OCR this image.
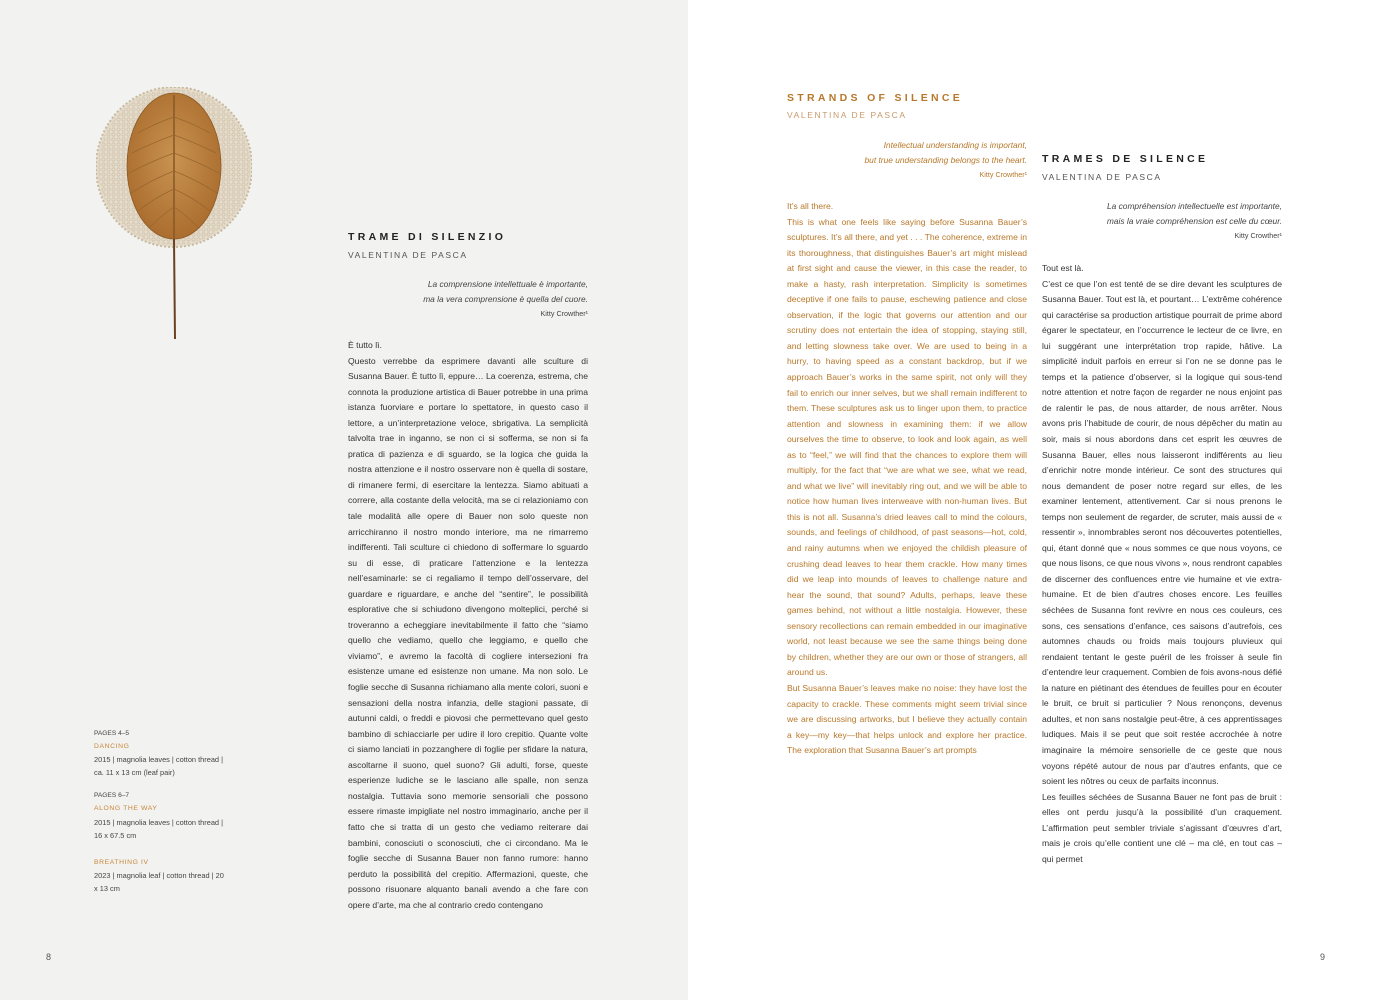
TRAME DI SILENZIO
VALENTINA DE PASCA
La comprensione intellettuale è importante,
ma la vera comprensione è quella del cuore.
Kitty Crowther¹

È tutto lì.

Questo verrebbe da esprimere davanti alle sculture di Susanna Bauer. È tutto lì, eppure… La coerenza, estrema, che connota la produzione artistica di Bauer potrebbe in una prima istanza fuorviare e portare lo spettatore, in questo caso il lettore, a un’interpretazione veloce, sbrigativa. La semplicità talvolta trae in inganno, se non ci si sofferma, se non si fa pratica di pazienza e di sguardo, se la logica che guida la nostra attenzione e il nostro osservare non è quella di sostare, di rimanere fermi, di esercitare la lentezza. Siamo abituati a correre, alla costante della velocità, ma se ci relazioniamo con tale modalità alle opere di Bauer non solo queste non arricchiranno il nostro mondo interiore, ma ne rimarremo indifferenti. Tali sculture ci chiedono di soffermare lo sguardo su di esse, di praticare l’attenzione e la lentezza nell’esaminarle: se ci regaliamo il tempo dell’osservare, del guardare e riguardare, e anche del “sentire”, le possibilità esplorative che si schiudono divengono molteplici, perché si troveranno a echeggiare inevitabilmente il fatto che “siamo quello che vediamo, quello che leggiamo, e quello che viviamo”, e avremo la facoltà di cogliere intersezioni fra esistenze umane ed esistenze non umane. Ma non solo. Le foglie secche di Susanna richiamano alla mente colori, suoni e sensazioni della nostra infanzia, delle stagioni passate, di autunni caldi, o freddi e piovosi che permettevano quel gesto bambino di schiacciarle per udire il loro crepitio. Quante volte ci siamo lanciati in pozzanghere di foglie per sfidare la natura, ascoltarne il suono, quel suono? Gli adulti, forse, queste esperienze ludiche se le lasciano alle spalle, non senza nostalgia. Tuttavia sono memorie sensoriali che possono essere rimaste impigliate nel nostro immaginario, anche per il fatto che si tratta di un gesto che vediamo reiterare dai bambini, conosciuti o sconosciuti, che ci circondano. Ma le foglie secche di Susanna Bauer non fanno rumore: hanno perduto la possibilità del crepitio. Affermazioni, queste, che possono risuonare alquanto banali avendo a che fare con opere d’arte, ma che al contrario credo contengano

PAGES 4–5
DANCING
2015 | magnolia leaves | cotton thread | ca. 11 x 13 cm (leaf pair)
PAGES 6–7
ALONG THE WAY
2015 | magnolia leaves | cotton thread | 16 x 67.5 cm
BREATHING IV
2023 | magnolia leaf | cotton thread | 20 x 13 cm
8
STRANDS OF SILENCE
VALENTINA DE PASCA
Intellectual understanding is important,
but true understanding belongs to the heart.
Kitty Crowther¹

It’s all there.

This is what one feels like saying before Susanna Bauer’s sculptures. It’s all there, and yet . . . The coherence, extreme in its thoroughness, that distinguishes Bauer’s art might mislead at first sight and cause the viewer, in this case the reader, to make a hasty, rash interpretation. Simplicity is sometimes deceptive if one fails to pause, eschewing patience and close observation, if the logic that governs our attention and our scrutiny does not entertain the idea of stopping, staying still, and letting slowness take over. We are used to being in a hurry, to having speed as a constant backdrop, but if we approach Bauer’s works in the same spirit, not only will they fail to enrich our inner selves, but we shall remain indifferent to them. These sculptures ask us to linger upon them, to practice attention and slowness in examining them: if we allow ourselves the time to observe, to look and look again, as well as to “feel,” we will find that the chances to explore them will multiply, for the fact that “we are what we see, what we read, and what we live” will inevitably ring out, and we will be able to notice how human lives interweave with non-human lives. But this is not all. Susanna’s dried leaves call to mind the colours, sounds, and feelings of childhood, of past seasons—hot, cold, and rainy autumns when we enjoyed the childish pleasure of crushing dead leaves to hear them crackle. How many times did we leap into mounds of leaves to challenge nature and hear the sound, that sound? Adults, perhaps, leave these games behind, not without a little nostalgia. However, these sensory recollections can remain embedded in our imaginative world, not least because we see the same things being done by children, whether they are our own or those of strangers, all around us.

But Susanna Bauer’s leaves make no noise: they have lost the capacity to crackle. These comments might seem trivial since we are discussing artworks, but I believe they actually contain a key—my key—that helps unlock and explore her practice. The exploration that Susanna Bauer’s art prompts

TRAMES DE SILENCE
VALENTINA DE PASCA
La compréhension intellectuelle est importante,
mais la vraie compréhension est celle du cœur.
Kitty Crowther¹

Tout est là.

C’est ce que l’on est tenté de se dire devant les sculptures de Susanna Bauer. Tout est là, et pourtant… L’extrême cohérence qui caractérise sa production artistique pourrait de prime abord égarer le spectateur, en l’occurrence le lecteur de ce livre, en lui suggérant une interprétation trop rapide, hâtive. La simplicité induit parfois en erreur si l’on ne se donne pas le temps et la patience d’observer, si la logique qui sous-tend notre attention et notre façon de regarder ne nous enjoint pas de ralentir le pas, de nous attarder, de nous arrêter. Nous avons pris l’habitude de courir, de nous dépêcher du matin au soir, mais si nous abordons dans cet esprit les œuvres de Susanna Bauer, elles nous laisseront indifférents au lieu d’enrichir notre monde intérieur. Ce sont des structures qui nous demandent de poser notre regard sur elles, de les examiner lentement, attentivement. Car si nous prenons le temps non seulement de regarder, de scruter, mais aussi de « ressentir », innombrables seront nos découvertes potentielles, qui, étant donné que « nous sommes ce que nous voyons, ce que nous lisons, ce que nous vivons », nous rendront capables de discerner des confluences entre vie humaine et vie extra-humaine. Et de bien d’autres choses encore. Les feuilles séchées de Susanna font revivre en nous ces couleurs, ces sons, ces sensations d’enfance, ces saisons d’autrefois, ces automnes chauds ou froids mais toujours pluvieux qui rendaient tentant le geste puéril de les froisser à seule fin d’entendre leur craquement. Combien de fois avons-nous défié la nature en piétinant des étendues de feuilles pour en écouter le bruit, ce bruit si particulier ? Nous renonçons, devenus adultes, et non sans nostalgie peut-être, à ces apprentissages ludiques. Mais il se peut que soit restée accrochée à notre imaginaire la mémoire sensorielle de ce geste que nous voyons répété autour de nous par d’autres enfants, que ce soient les nôtres ou ceux de parfaits inconnus.

Les feuilles séchées de Susanna Bauer ne font pas de bruit : elles ont perdu jusqu’à la possibilité d’un craquement. L’affirmation peut sembler triviale s’agissant d’œuvres d’art, mais je crois qu’elle contient une clé – ma clé, en tout cas – qui permet

9
